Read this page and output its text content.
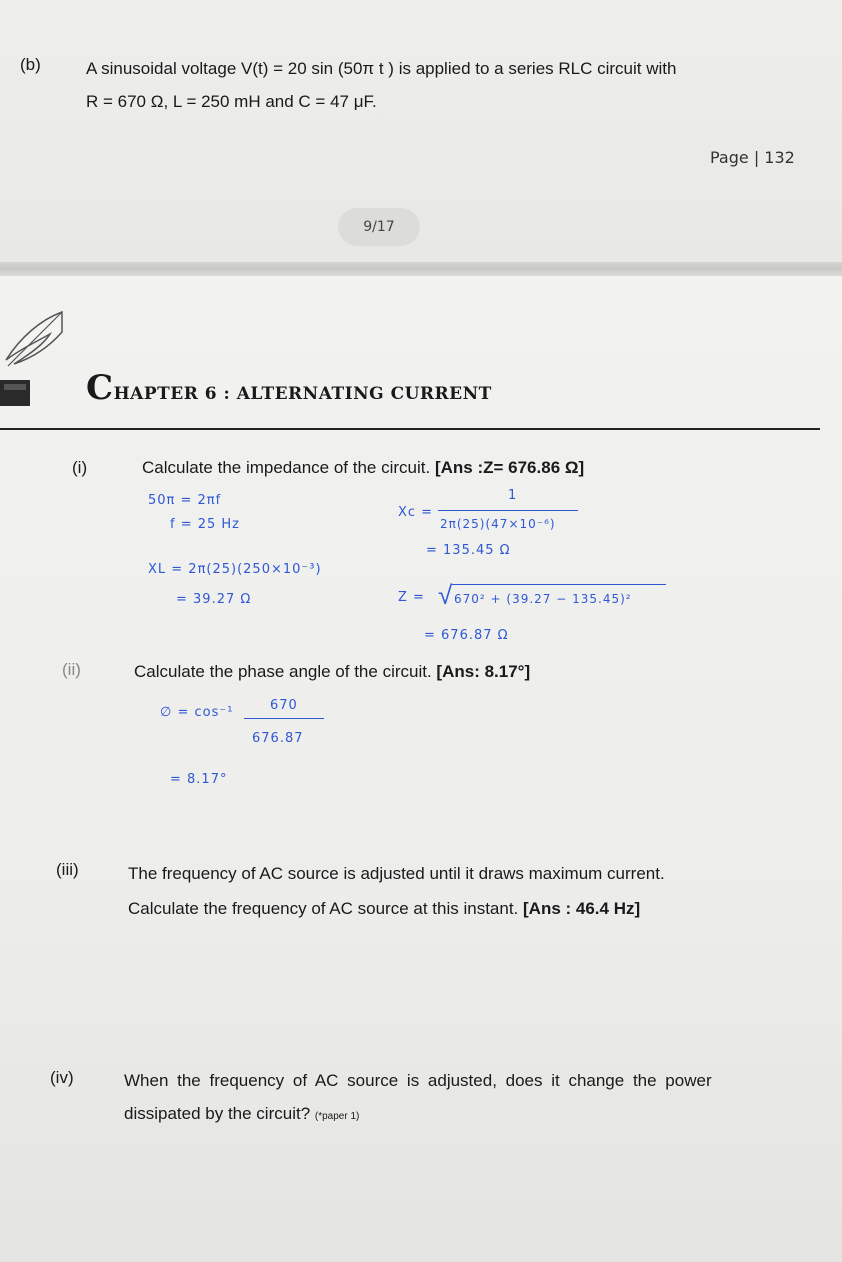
(b)	A sinusoidal voltage V(t) = 20 sin (50π t ) is applied to a series RLC circuit with
R = 670 Ω, L = 250 mH and C = 47 μF.
Page | 132
9/17
CHAPTER 6 : ALTERNATING CURRENT
(i)	Calculate the impedance of the circuit. [Ans :Z= 676.86 Ω]
50π = 2πf
f = 25 Hz
XL = 2π(25)(250×10⁻³)
= 39.27 Ω
Xc =
1
2π(25)(47×10⁻⁶)
= 135.45 Ω
Z = √ 670² + (39.27 − 135.45)²
= 676.87 Ω
(ii)	Calculate the phase angle of the circuit. [Ans: 8.17°]
∅ = cos⁻¹	670
676.87
= 8.17°
(iii)	The frequency of AC source is adjusted until it draws maximum current.
Calculate the frequency of AC source at this instant. [Ans : 46.4 Hz]
(iv)	When the frequency of AC source is adjusted, does it change the power
dissipated by the circuit? (*paper 1)
